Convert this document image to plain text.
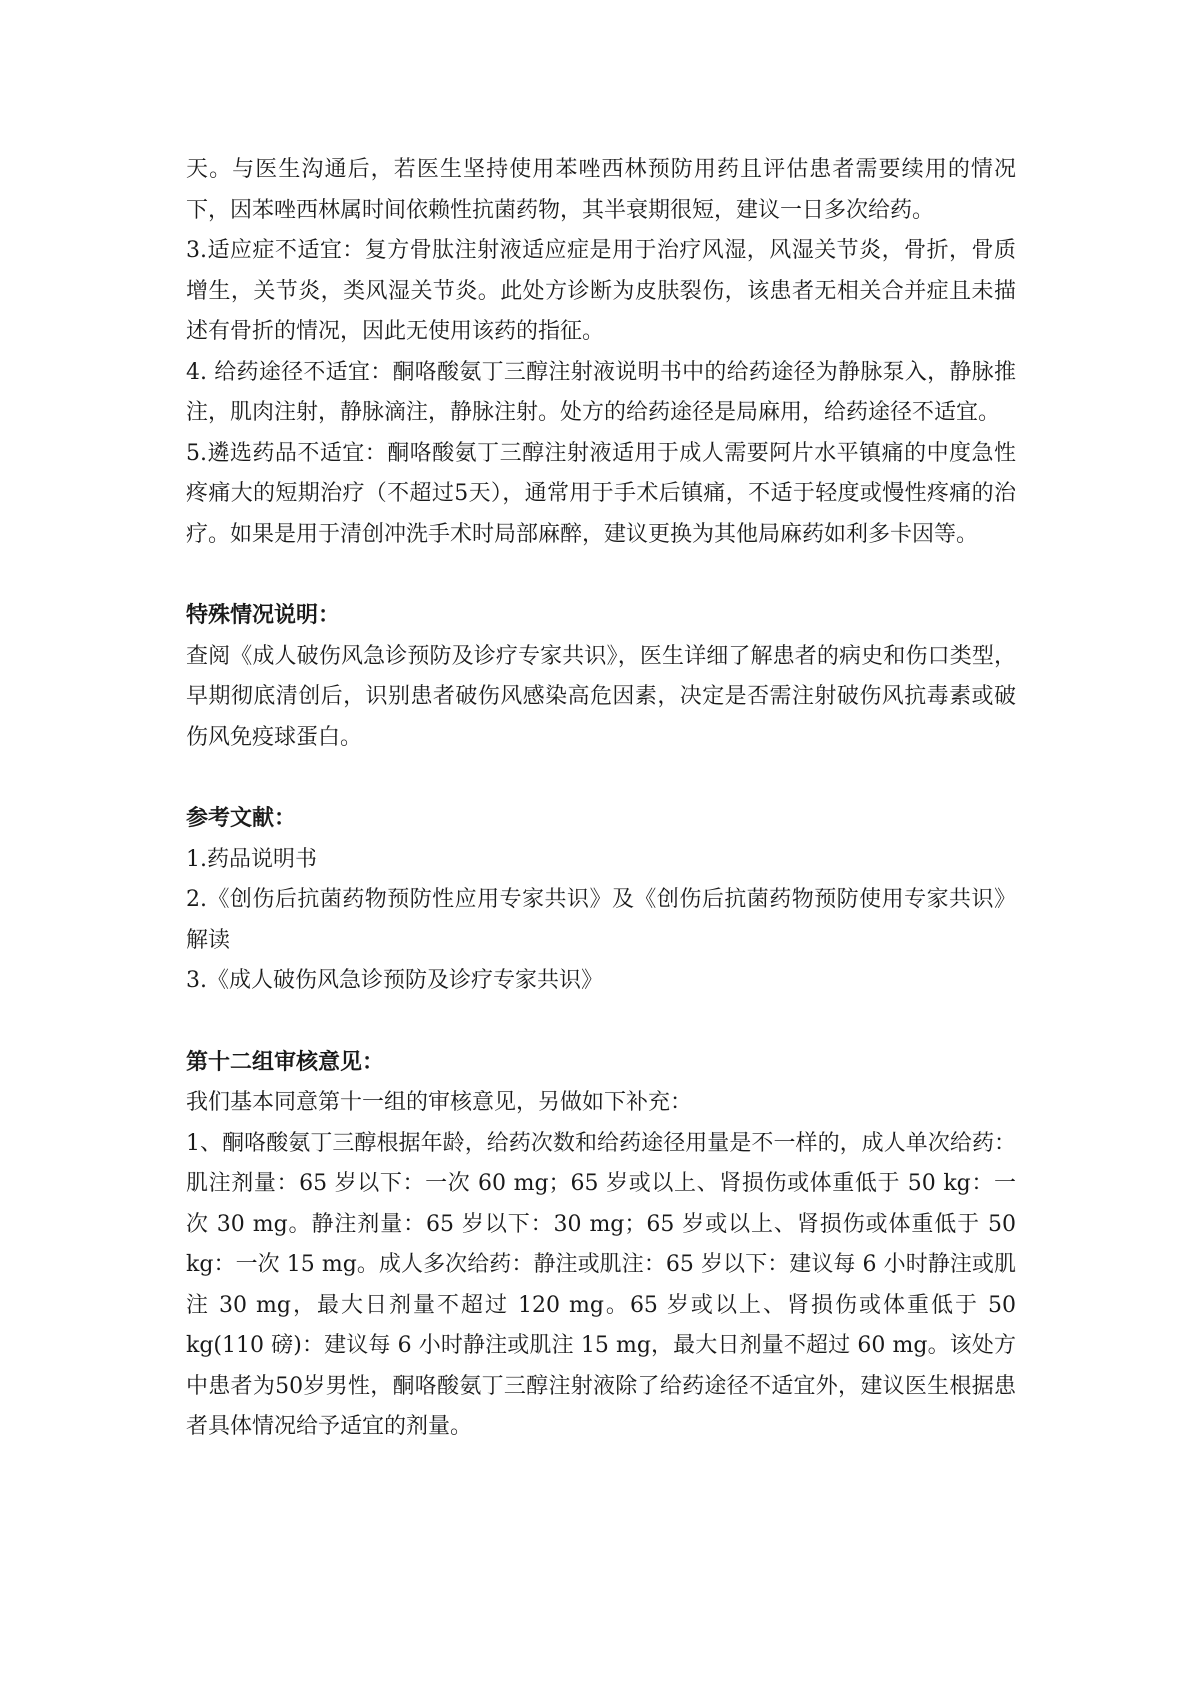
天。与医生沟通后，若医生坚持使用苯唑西林预防用药且评估患者需要续用的情况下，因苯唑西林属时间依赖性抗菌药物，其半衰期很短，建议一日多次给药。

3.适应症不适宜：复方骨肽注射液适应症是用于治疗风湿，风湿关节炎，骨折，骨质增生，关节炎，类风湿关节炎。此处方诊断为皮肤裂伤，该患者无相关合并症且未描述有骨折的情况，因此无使用该药的指征。

4. 给药途径不适宜：酮咯酸氨丁三醇注射液说明书中的给药途径为静脉泵入，静脉推注，肌肉注射，静脉滴注，静脉注射。处方的给药途径是局麻用，给药途径不适宜。

5.遴选药品不适宜：酮咯酸氨丁三醇注射液适用于成人需要阿片水平镇痛的中度急性疼痛大的短期治疗（不超过5天），通常用于手术后镇痛，不适于轻度或慢性疼痛的治疗。如果是用于清创冲洗手术时局部麻醉，建议更换为其他局麻药如利多卡因等。

特殊情况说明：

查阅《成人破伤风急诊预防及诊疗专家共识》，医生详细了解患者的病史和伤口类型，早期彻底清创后，识别患者破伤风感染高危因素，决定是否需注射破伤风抗毒素或破伤风免疫球蛋白。

参考文献：

1.药品说明书

2.《创伤后抗菌药物预防性应用专家共识》及《创伤后抗菌药物预防使用专家共识》解读

3.《成人破伤风急诊预防及诊疗专家共识》

第十二组审核意见：

我们基本同意第十一组的审核意见，另做如下补充：

1、酮咯酸氨丁三醇根据年龄，给药次数和给药途径用量是不一样的，成人单次给药： 肌注剂量：65 岁以下：一次 60 mg；65 岁或以上、肾损伤或体重低于 50 kg：一次 30 mg。静注剂量：65 岁以下：30 mg；65 岁或以上、肾损伤或体重低于 50 kg：一次 15 mg。成人多次给药：静注或肌注：65 岁以下：建议每 6 小时静注或肌注 30 mg，最大日剂量不超过 120 mg。65 岁或以上、肾损伤或体重低于 50 kg(110 磅)：建议每 6 小时静注或肌注 15 mg，最大日剂量不超过 60 mg。该处方中患者为50岁男性，酮咯酸氨丁三醇注射液除了给药途径不适宜外，建议医生根据患者具体情况给予适宜的剂量。
